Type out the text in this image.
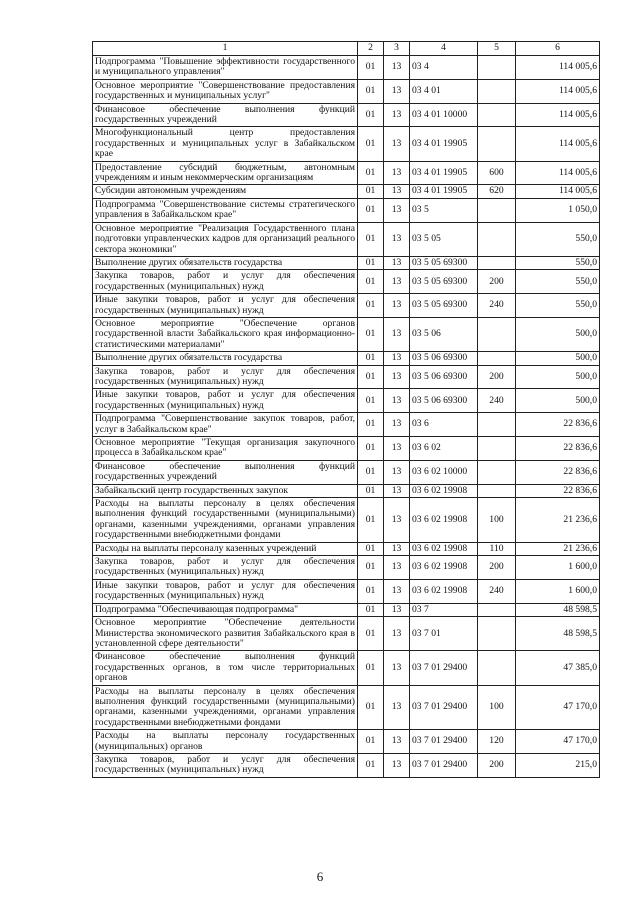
1	2	3	4	5	6
Подпрограмма "Повышение эффективности государственного и муниципального управления"	01	13	03 4		114 005,6
Основное мероприятие "Совершенствование предоставления государственных и муниципальных услуг"	01	13	03 4 01		114 005,6
Финансовое обеспечение выполнения функций государственных учреждений	01	13	03 4 01 10000		114 005,6
Многофункциональный центр предоставления государственных и муниципальных услуг в Забайкальском крае	01	13	03 4 01 19905		114 005,6
Предоставление субсидий бюджетным, автономным учреждениям и иным некоммерческим организациям	01	13	03 4 01 19905	600	114 005,6
Субсидии автономным учреждениям	01	13	03 4 01 19905	620	114 005,6
Подпрограмма "Совершенствование системы стратегического управления в Забайкальском крае"	01	13	03 5		1 050,0
Основное мероприятие "Реализация Государственного плана подготовки управленческих кадров для организаций реального сектора экономики"	01	13	03 5 05		550,0
Выполнение других обязательств государства	01	13	03 5 05 69300		550,0
Закупка товаров, работ и услуг для обеспечения государственных (муниципальных) нужд	01	13	03 5 05 69300	200	550,0
Иные закупки товаров, работ и услуг для обеспечения государственных (муниципальных) нужд	01	13	03 5 05 69300	240	550,0
Основное мероприятие "Обеспечение органов государственной власти Забайкальского края информационно-статистическими материалами"	01	13	03 5 06		500,0
Выполнение других обязательств государства	01	13	03 5 06 69300		500,0
Закупка товаров, работ и услуг для обеспечения государственных (муниципальных) нужд	01	13	03 5 06 69300	200	500,0
Иные закупки товаров, работ и услуг для обеспечения государственных (муниципальных) нужд	01	13	03 5 06 69300	240	500,0
Подпрограмма "Совершенствование закупок товаров, работ, услуг в Забайкальском крае"	01	13	03 6		22 836,6
Основное мероприятие "Текущая организация закупочного процесса в Забайкальском крае"	01	13	03 6 02		22 836,6
Финансовое обеспечение выполнения функций государственных учреждений	01	13	03 6 02 10000		22 836,6
Забайкальский центр государственных закупок	01	13	03 6 02 19908		22 836,6
Расходы на выплаты персоналу в целях обеспечения выполнения функций государственными (муниципальными) органами, казенными учреждениями, органами управления государственными внебюджетными фондами	01	13	03 6 02 19908	100	21 236,6
Расходы на выплаты персоналу казенных учреждений	01	13	03 6 02 19908	110	21 236,6
Закупка товаров, работ и услуг для обеспечения государственных (муниципальных) нужд	01	13	03 6 02 19908	200	1 600,0
Иные закупки товаров, работ и услуг для обеспечения государственных (муниципальных) нужд	01	13	03 6 02 19908	240	1 600,0
Подпрограмма "Обеспечивающая подпрограмма"	01	13	03 7		48 598,5
Основное мероприятие "Обеспечение деятельности Министерства экономического развития Забайкальского края в установленной сфере деятельности"	01	13	03 7 01		48 598,5
Финансовое обеспечение выполнения функций государственных органов, в том числе территориальных органов	01	13	03 7 01 29400		47 385,0
Расходы на выплаты персоналу в целях обеспечения выполнения функций государственными (муниципальными) органами, казенными учреждениями, органами управления государственными внебюджетными фондами	01	13	03 7 01 29400	100	47 170,0
Расходы на выплаты персоналу государственных (муниципальных) органов	01	13	03 7 01 29400	120	47 170,0
Закупка товаров, работ и услуг для обеспечения государственных (муниципальных) нужд	01	13	03 7 01 29400	200	215,0
6
